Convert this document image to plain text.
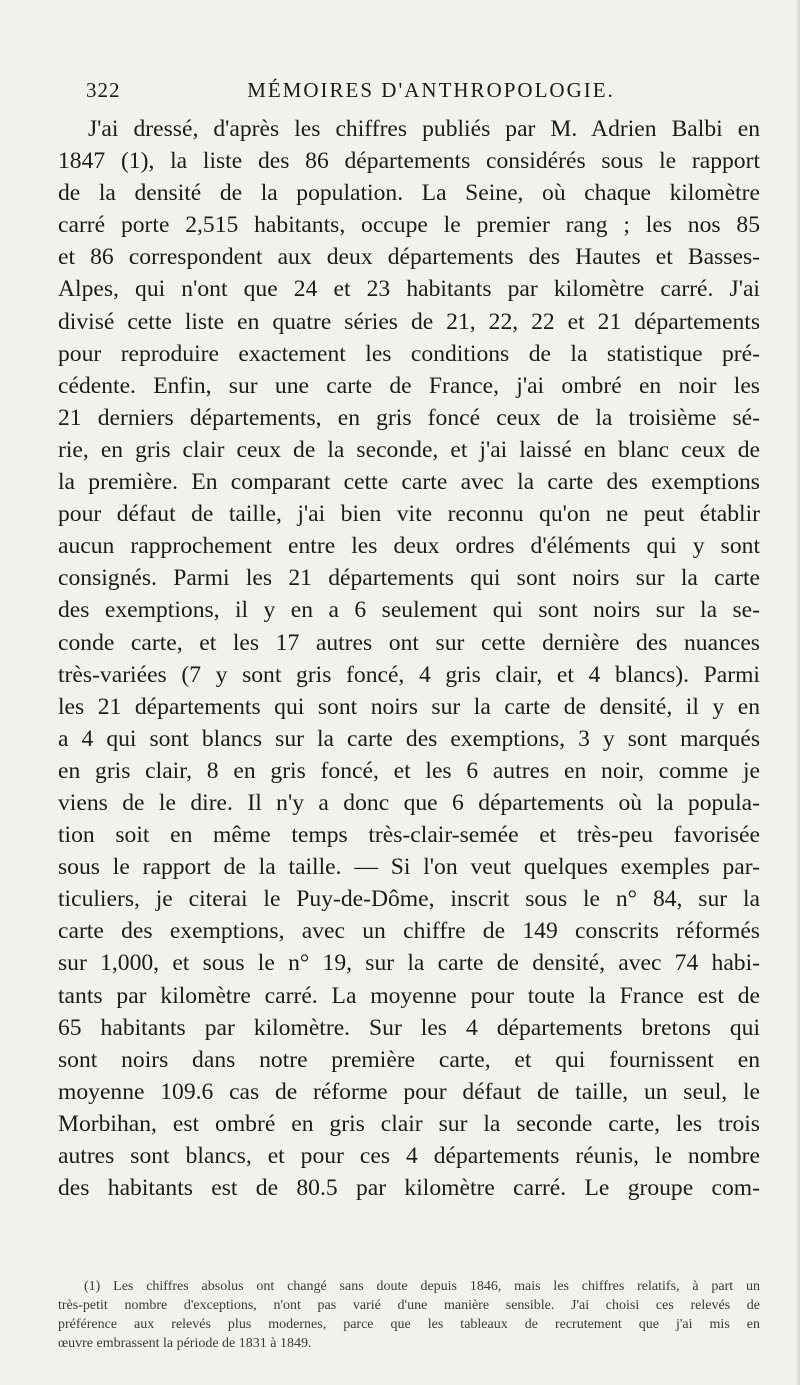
322	MÉMOIRES D'ANTHROPOLOGIE.
J'ai dressé, d'après les chiffres publiés par M. Adrien Balbi en
1847 (1), la liste des 86 départements considérés sous le rapport
de la densité de la population. La Seine, où chaque kilomètre
carré porte 2,515 habitants, occupe le premier rang ; les nos 85
et 86 correspondent aux deux départements des Hautes et Basses-
Alpes, qui n'ont que 24 et 23 habitants par kilomètre carré. J'ai
divisé cette liste en quatre séries de 21, 22, 22 et 21 départements
pour reproduire exactement les conditions de la statistique pré-
cédente. Enfin, sur une carte de France, j'ai ombré en noir les
21 derniers départements, en gris foncé ceux de la troisième sé-
rie, en gris clair ceux de la seconde, et j'ai laissé en blanc ceux de
la première. En comparant cette carte avec la carte des exemptions
pour défaut de taille, j'ai bien vite reconnu qu'on ne peut établir
aucun rapprochement entre les deux ordres d'éléments qui y sont
consignés. Parmi les 21 départements qui sont noirs sur la carte
des exemptions, il y en a 6 seulement qui sont noirs sur la se-
conde carte, et les 17 autres ont sur cette dernière des nuances
très-variées (7 y sont gris foncé, 4 gris clair, et 4 blancs). Parmi
les 21 départements qui sont noirs sur la carte de densité, il y en
a 4 qui sont blancs sur la carte des exemptions, 3 y sont marqués
en gris clair, 8 en gris foncé, et les 6 autres en noir, comme je
viens de le dire. Il n'y a donc que 6 départements où la popula-
tion soit en même temps très-clair-semée et très-peu favorisée
sous le rapport de la taille. — Si l'on veut quelques exemples par-
ticuliers, je citerai le Puy-de-Dôme, inscrit sous le n° 84, sur la
carte des exemptions, avec un chiffre de 149 conscrits réformés
sur 1,000, et sous le n° 19, sur la carte de densité, avec 74 habi-
tants par kilomètre carré. La moyenne pour toute la France est de
65 habitants par kilomètre. Sur les 4 départements bretons qui
sont noirs dans notre première carte, et qui fournissent en
moyenne 109.6 cas de réforme pour défaut de taille, un seul, le
Morbihan, est ombré en gris clair sur la seconde carte, les trois
autres sont blancs, et pour ces 4 départements réunis, le nombre
des habitants est de 80.5 par kilomètre carré. Le groupe com-
(1) Les chiffres absolus ont changé sans doute depuis 1846, mais les chiffres relatifs, à part un
très-petit nombre d'exceptions, n'ont pas varié d'une manière sensible. J'ai choisi ces relevés de
préférence aux relevés plus modernes, parce que les tableaux de recrutement que j'ai mis en
œuvre embrassent la période de 1831 à 1849.
